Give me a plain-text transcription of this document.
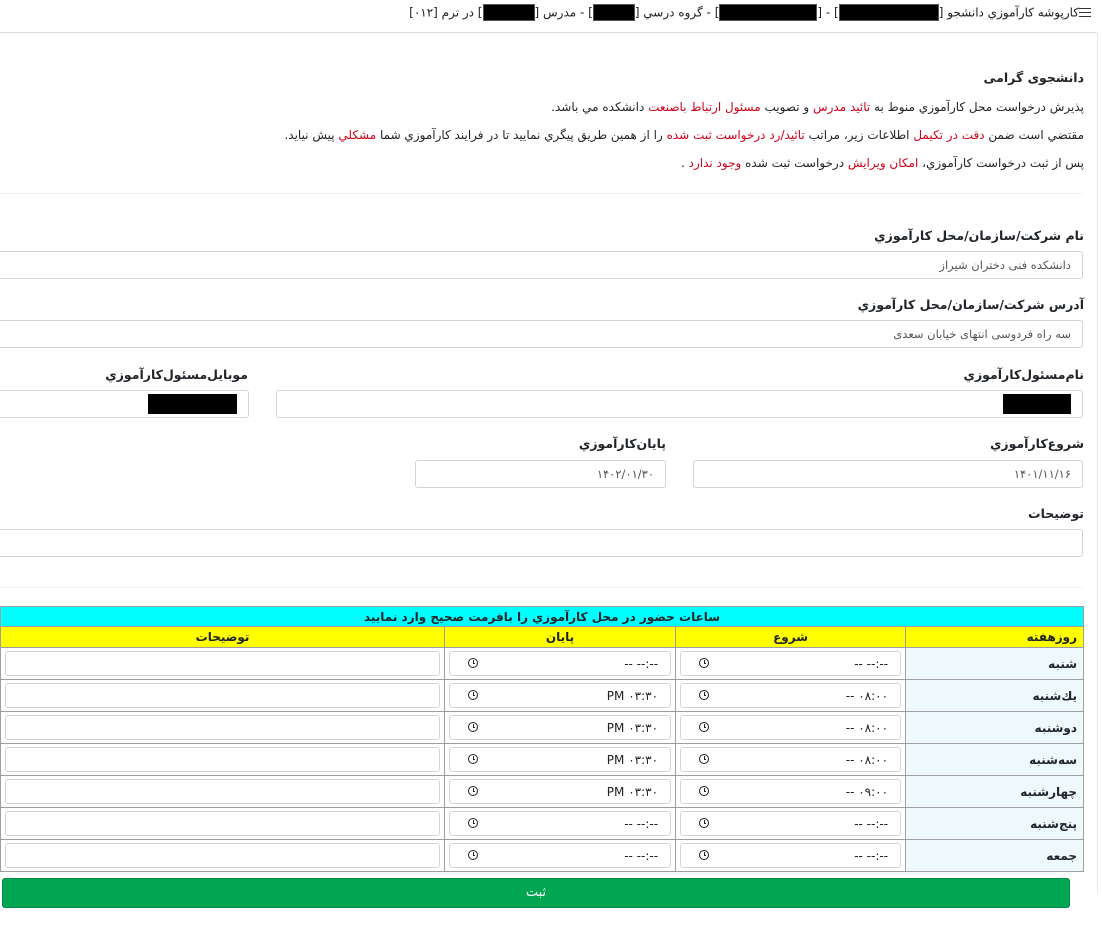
کارپوشه کارآموزي دانشجو [] - [] - گروه درسي [] - مدرس [] در ترم [۰۱۲]
دانشجوی گرامی
پذيرش درخواست محل كارآموزي منوط به تائيد مدرس و تصويب مسئول ارتباط باصنعت دانشكده مي باشد.
مقتضي است ضمن دقت در تكيمل اطلاعات زير، مراتب تائيد/رد درخواست ثبت شده را از همين طريق پيگري نماييد تا در فرايند كارآموزي شما مشكلي پيش نيايد.
پس از ثبت درخواست كارآموزي، امكان ويرايش درخواست ثبت شده وجود ندارد .
نام شركت/سازمان/محل كارآموزي
دانشکده فنی دختران شیراز
آدرس شركت/سازمان/محل كارآموزي
سه راه فردوسی انتهای خیابان سعدی
نام‌مسئول‌كارآموزي
موبايل‌مسئول‌كارآموزي
شروع‌كارآموزي
۱۴۰۱/۱۱/۱۶
پايان‌كارآموزي
۱۴۰۲/۰۱/۳۰
توضيحات
ساعات حضور در محل كارآموزي را بافرمت صحيح وارد نماييد			
روزهفته	شروع	پايان	توضيحات
شنبه	--:-- --	--:-- --	

يك‌شنبه	۰۸:۰۰ --	۰۳:۳۰ PM	

دوشنبه	۰۸:۰۰ --	۰۳:۳۰ PM	

سه‌شنبه	۰۸:۰۰ --	۰۳:۳۰ PM	

چهارشنبه	۰۹:۰۰ --	۰۳:۳۰ PM	

پنج‌شنبه	--:-- --	--:-- --	

جمعه	--:-- --	--:-- --	

ثبت
